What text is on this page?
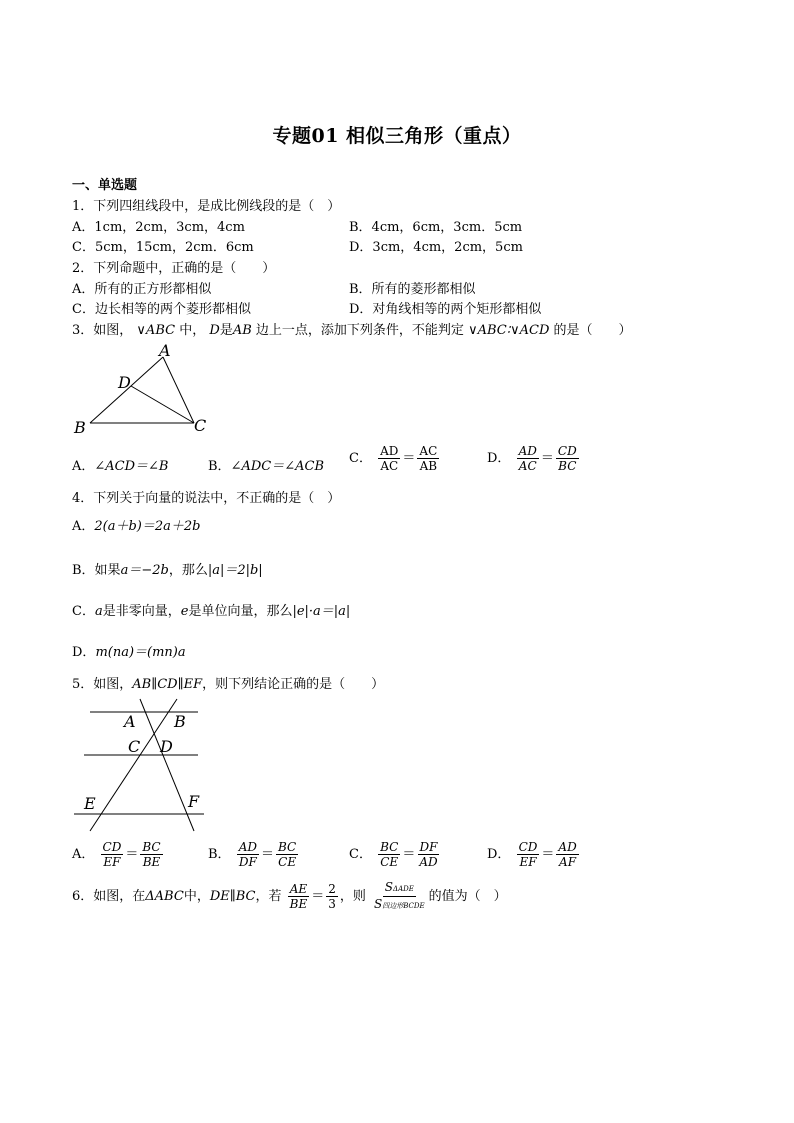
专题01 相似三角形（重点）
一、单选题
1．下列四组线段中，是成比例线段的是（　）
A．1cm，2cm，3cm，4cm	B．4cm，6cm，3cm．5cm
C．5cm，15cm，2cm．6cm	D．3cm，4cm，2cm，5cm
2．下列命题中，正确的是（　　）
A．所有的正方形都相似	B．所有的菱形都相似
C．边长相等的两个菱形都相似	D．对角线相等的两个矩形都相似
3．如图， ∨ABC 中， D是AB 边上一点，添加下列条件，不能判定 ∨ABC∶∨ACD 的是（　　）
A
D
B	C
A．∠ACD＝∠B	B．∠ADC＝∠ACB
C． $\frac{AD}{AC} = \frac{AC}{AB}$	D． $\frac{AD}{AC} = \frac{CD}{BC}$
4．下列关于向量的说法中，不正确的是（　）
A．2(a＋b)＝2a＋2b
B．如果a＝−2b，那么|a|＝2|b|
C．a是非零向量，e是单位向量，那么|e|·a＝|a|
D．m(na)＝(mn)a
5．如图，AB∥CD∥EF，则下列结论正确的是（　　）
A B
C D
E	F
A． $\frac{CD}{EF} = \frac{BC}{BE}$	B． $\frac{AD}{DF} = \frac{BC}{CE}$	C． $\frac{BC}{CE} = \frac{DF}{AD}$	D． $\frac{CD}{EF} = \frac{AD}{AF}$
6．如图，在ΔABC中，DE∥BC，若 $\frac{AE}{BE} = \frac{2}{3}$ ，则 $\frac{\text{SΔADE}}{\text{S四边形BCDE}}$ 的值为（　）
